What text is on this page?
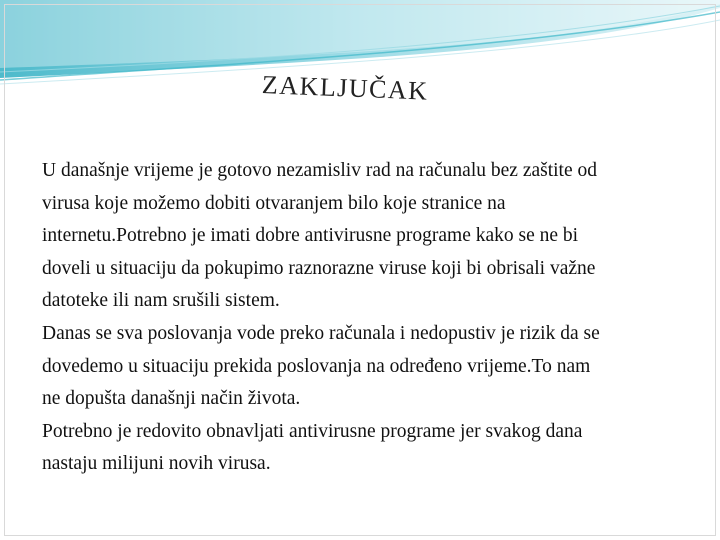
ZAKLJUČAK

U današnje vrijeme je gotovo nezamisliv rad na računalu bez zaštite od
virusa koje možemo dobiti otvaranjem bilo koje stranice na
internetu.Potrebno je imati dobre antivirusne programe kako se ne bi
doveli u situaciju da pokupimo raznorazne viruse koji bi obrisali važne
datoteke ili nam srušili sistem.
Danas se sva poslovanja vode preko računala i nedopustiv je rizik da se
dovedemo u situaciju prekida poslovanja na određeno vrijeme.To nam
ne dopušta današnji način života.
Potrebno je redovito obnavljati antivirusne programe jer svakog dana
nastaju milijuni novih virusa.
